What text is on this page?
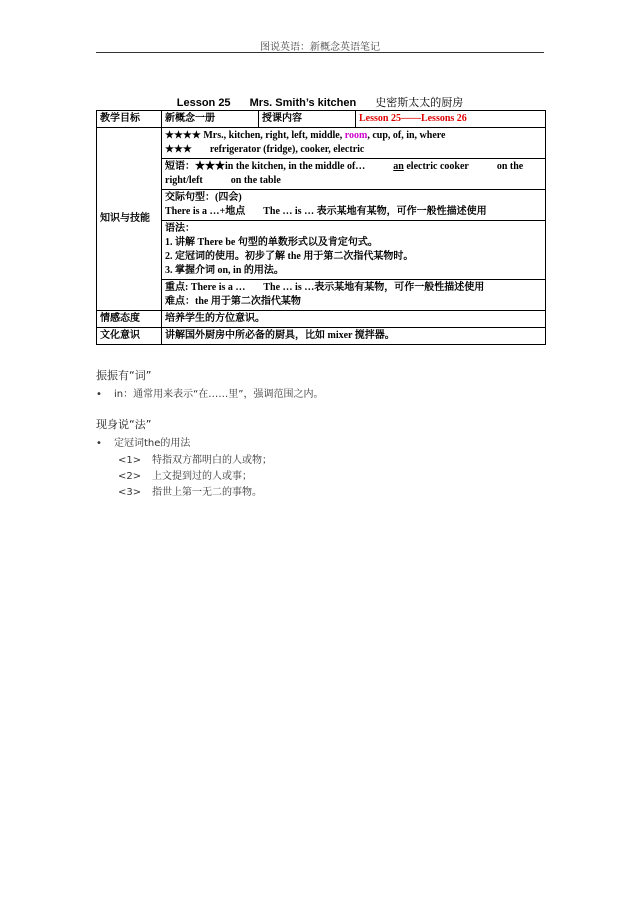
图说英语：新概念英语笔记
Lesson 25 Mrs. Smith’s kitchen 史密斯太太的厨房
教学目标	新概念一册	授课内容	Lesson 25——Lessons 26
知识与技能	★★★★ Mrs., kitchen, right, left, middle, room, cup, of, in, where
★★★ refrigerator (fridge), cooker, electric		

	短语：★★★in the kitchen, in the middle of… an electric cooker on the
right/left on the table		

	交际句型：(四会)
There is a …+地点 The … is … 表示某地有某物，可作一般性描述使用		

	语法：
1. 讲解 There be 句型的单数形式以及肯定句式。
2. 定冠词的使用。初步了解 the 用于第二次指代某物时。
3. 掌握介词 on, in 的用法。		

	重点: There is a … The … is …表示某地有某物，可作一般性描述使用
难点：the 用于第二次指代某物		

情感态度	培养学生的方位意识。		
文化意识	讲解国外厨房中所必备的厨具，比如 mixer 搅拌器。		
振振有“词”
• in：通常用来表示“在……里”，强调范围之内。
现身说“法”
• 定冠词the的用法
<1> 特指双方都明白的人或物；
<2> 上文提到过的人或事；
<3> 指世上第一无二的事物。
